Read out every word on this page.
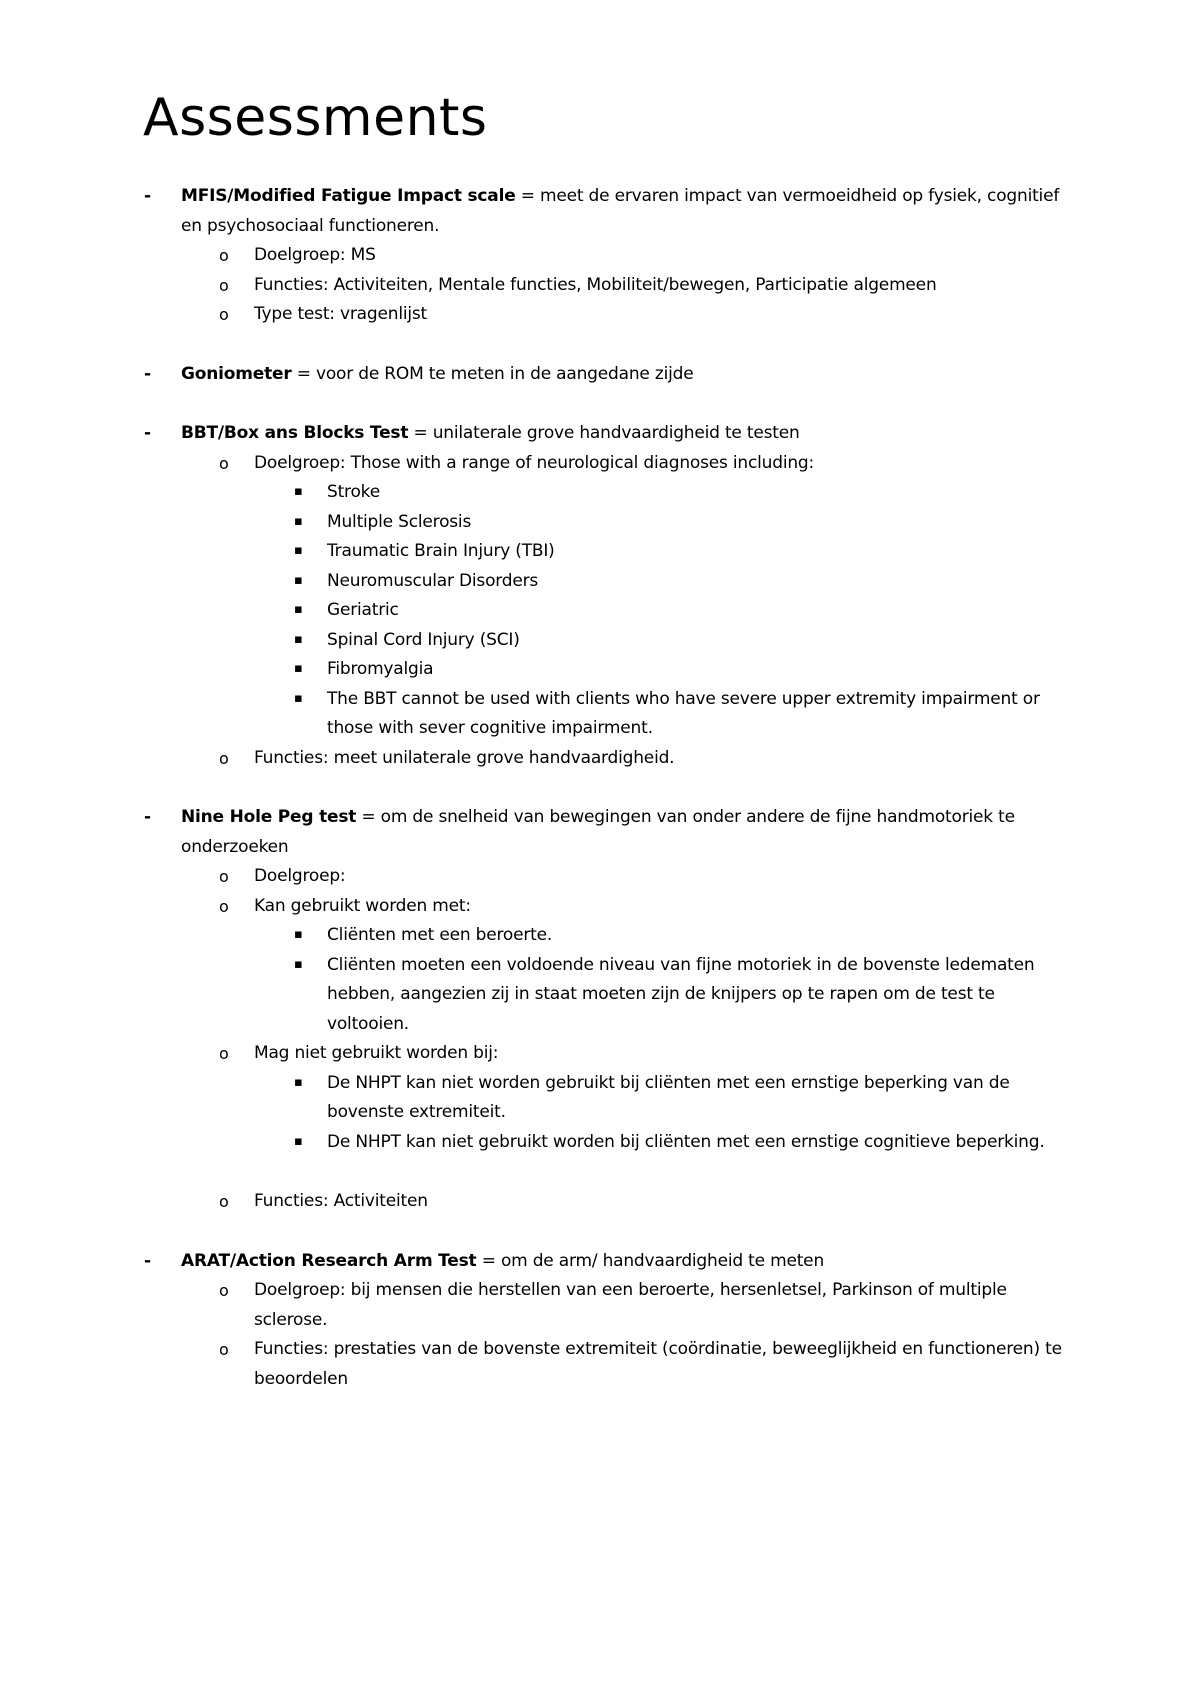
Assessments
- MFIS/Modified Fatigue Impact scale = meet de ervaren impact van vermoeidheid op fysiek, cognitief en psychosociaal functioneren.
o Doelgroep: MS
o Functies: Activiteiten, Mentale functies, Mobiliteit/bewegen, Participatie algemeen
o Type test: vragenlijst
- Goniometer = voor de ROM te meten in de aangedane zijde
- BBT/Box ans Blocks Test = unilaterale grove handvaardigheid te testen
o Doelgroep: Those with a range of neurological diagnoses including:
▪ Stroke
▪ Multiple Sclerosis
▪ Traumatic Brain Injury (TBI)
▪ Neuromuscular Disorders
▪ Geriatric
▪ Spinal Cord Injury (SCI)
▪ Fibromyalgia
▪ The BBT cannot be used with clients who have severe upper extremity impairment or those with sever cognitive impairment.
o Functies: meet unilaterale grove handvaardigheid.
- Nine Hole Peg test = om de snelheid van bewegingen van onder andere de fijne handmotoriek te onderzoeken
o Doelgroep:
o Kan gebruikt worden met:
▪ Cliënten met een beroerte.
▪ Cliënten moeten een voldoende niveau van fijne motoriek in de bovenste ledematen hebben, aangezien zij in staat moeten zijn de knijpers op te rapen om de test te voltooien.
o Mag niet gebruikt worden bij:
▪ De NHPT kan niet worden gebruikt bij cliënten met een ernstige beperking van de bovenste extremiteit.
▪ De NHPT kan niet gebruikt worden bij cliënten met een ernstige cognitieve beperking.
o Functies: Activiteiten
- ARAT/Action Research Arm Test = om de arm/ handvaardigheid te meten
o Doelgroep: bij mensen die herstellen van een beroerte, hersenletsel, Parkinson of multiple sclerose.
o Functies: prestaties van de bovenste extremiteit (coördinatie, beweeglijkheid en functioneren) te beoordelen
